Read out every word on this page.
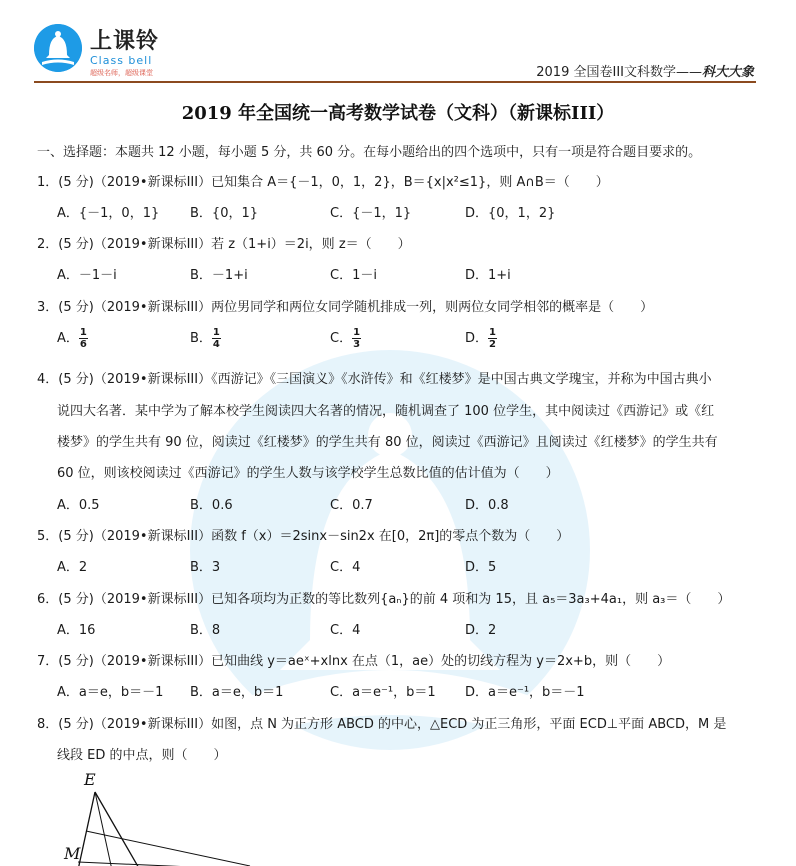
上课铃
Class bell
超级名师，超级课堂	2019 全国卷III文科数学——科大大象
2019 年全国统一高考数学试卷（文科）（新课标III）
一、选择题：本题共 12 小题，每小题 5 分，共 60 分。在每小题给出的四个选项中，只有一项是符合题目要求的。
1．(5 分)（2019•新课标III）已知集合 A＝{－1，0，1，2}，B＝{x|x²≤1}，则 A∩B＝（　　）
A．{－1，0，1} B．{0，1}	C．{－1，1}	D．{0，1，2}
2．(5 分)（2019•新课标III）若 z（1+i）＝2i，则 z＝（　　）
A．－1－i	B．－1+i	C．1－i	D．1+i
3．(5 分)（2019•新课标III）两位男同学和两位女同学随机排成一列，则两位女同学相邻的概率是（　　）
A． $\frac{1}{6}$	B． $\frac{1}{4}$	C． $\frac{1}{3}$	D． $\frac{1}{2}$
4．(5 分)（2019•新课标III）《西游记》《三国演义》《水浒传》和《红楼梦》是中国古典文学瑰宝，并称为中国古典小
说四大名著．某中学为了解本校学生阅读四大名著的情况，随机调查了 100 位学生，其中阅读过《西游记》或《红
楼梦》的学生共有 90 位，阅读过《红楼梦》的学生共有 80 位，阅读过《西游记》且阅读过《红楼梦》的学生共有
60 位，则该校阅读过《西游记》的学生人数与该学校学生总数比值的估计值为（　　）
A．0.5	B．0.6	C．0.7	D．0.8
5．(5 分)（2019•新课标III）函数 f（x）＝2sinx－sin2x 在[0，2π]的零点个数为（　　）
A．2	B．3	C．4	D．5
6．(5 分)（2019•新课标III）已知各项均为正数的等比数列{aₙ}的前 4 项和为 15，且 a₅＝3a₃+4a₁，则 a₃＝（　　）
A．16	B．8	C．4	D．2
7．(5 分)（2019•新课标III）已知曲线 y＝aeˣ+xlnx 在点（1，ae）处的切线方程为 y＝2x+b，则（　　）
A．a＝e，b＝－1 B．a＝e，b＝1	C．a＝e⁻¹，b＝1 D．a＝e⁻¹，b＝－1
8．(5 分)（2019•新课标III）如图，点 N 为正方形 ABCD 的中心，△ECD 为正三角形，平面 ECD⊥平面 ABCD，M 是
线段 ED 的中点，则（　　）
E
M
